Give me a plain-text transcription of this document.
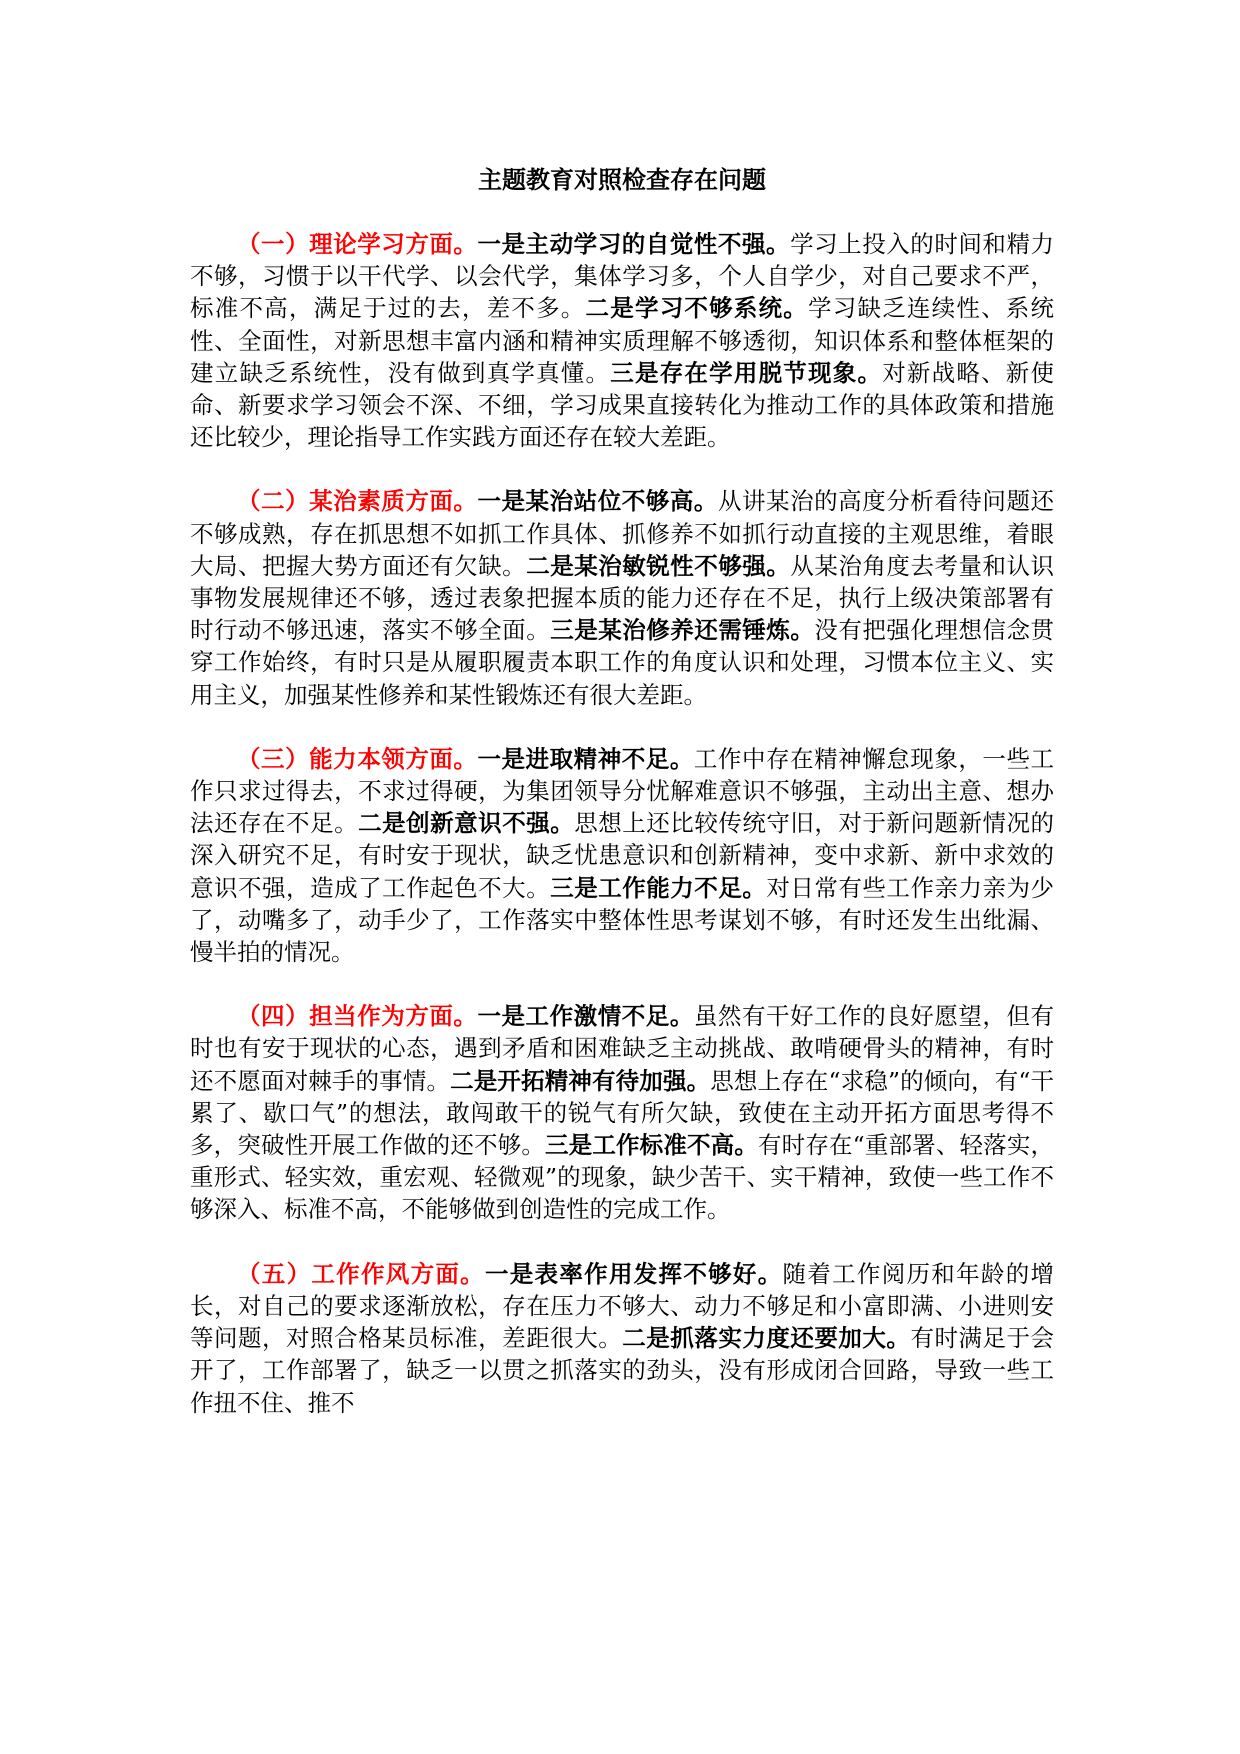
主题教育对照检查存在问题

（一）理论学习方面。一是主动学习的自觉性不强。学习上投入的时间和精力不够，习惯于以干代学、以会代学，集体学习多，个人自学少，对自己要求不严，标准不高，满足于过的去，差不多。二是学习不够系统。学习缺乏连续性、系统性、全面性，对新思想丰富内涵和精神实质理解不够透彻，知识体系和整体框架的建立缺乏系统性，没有做到真学真懂。三是存在学用脱节现象。对新战略、新使命、新要求学习领会不深、不细，学习成果直接转化为推动工作的具体政策和措施还比较少，理论指导工作实践方面还存在较大差距。

（二）某治素质方面。一是某治站位不够高。从讲某治的高度分析看待问题还不够成熟，存在抓思想不如抓工作具体、抓修养不如抓行动直接的主观思维，着眼大局、把握大势方面还有欠缺。二是某治敏锐性不够强。从某治角度去考量和认识事物发展规律还不够，透过表象把握本质的能力还存在不足，执行上级决策部署有时行动不够迅速，落实不够全面。三是某治修养还需锤炼。没有把强化理想信念贯穿工作始终，有时只是从履职履责本职工作的角度认识和处理，习惯本位主义、实用主义，加强某性修养和某性锻炼还有很大差距。

（三）能力本领方面。一是进取精神不足。工作中存在精神懈怠现象，一些工作只求过得去，不求过得硬，为集团领导分忧解难意识不够强，主动出主意、想办法还存在不足。二是创新意识不强。思想上还比较传统守旧，对于新问题新情况的深入研究不足，有时安于现状，缺乏忧患意识和创新精神，变中求新、新中求效的意识不强，造成了工作起色不大。三是工作能力不足。对日常有些工作亲力亲为少了，动嘴多了，动手少了，工作落实中整体性思考谋划不够，有时还发生出纰漏、慢半拍的情况。

（四）担当作为方面。一是工作激情不足。虽然有干好工作的良好愿望，但有时也有安于现状的心态，遇到矛盾和困难缺乏主动挑战、敢啃硬骨头的精神，有时还不愿面对棘手的事情。二是开拓精神有待加强。思想上存在“求稳”的倾向，有“干累了、歇口气”的想法，敢闯敢干的锐气有所欠缺，致使在主动开拓方面思考得不多，突破性开展工作做的还不够。三是工作标准不高。有时存在“重部署、轻落实，重形式、轻实效，重宏观、轻微观”的现象，缺少苦干、实干精神，致使一些工作不够深入、标准不高，不能够做到创造性的完成工作。

（五）工作作风方面。一是表率作用发挥不够好。随着工作阅历和年龄的增长，对自己的要求逐渐放松，存在压力不够大、动力不够足和小富即满、小进则安等问题，对照合格某员标准，差距很大。二是抓落实力度还要加大。有时满足于会开了，工作部署了，缺乏一以贯之抓落实的劲头，没有形成闭合回路，导致一些工作扭不住、推不
